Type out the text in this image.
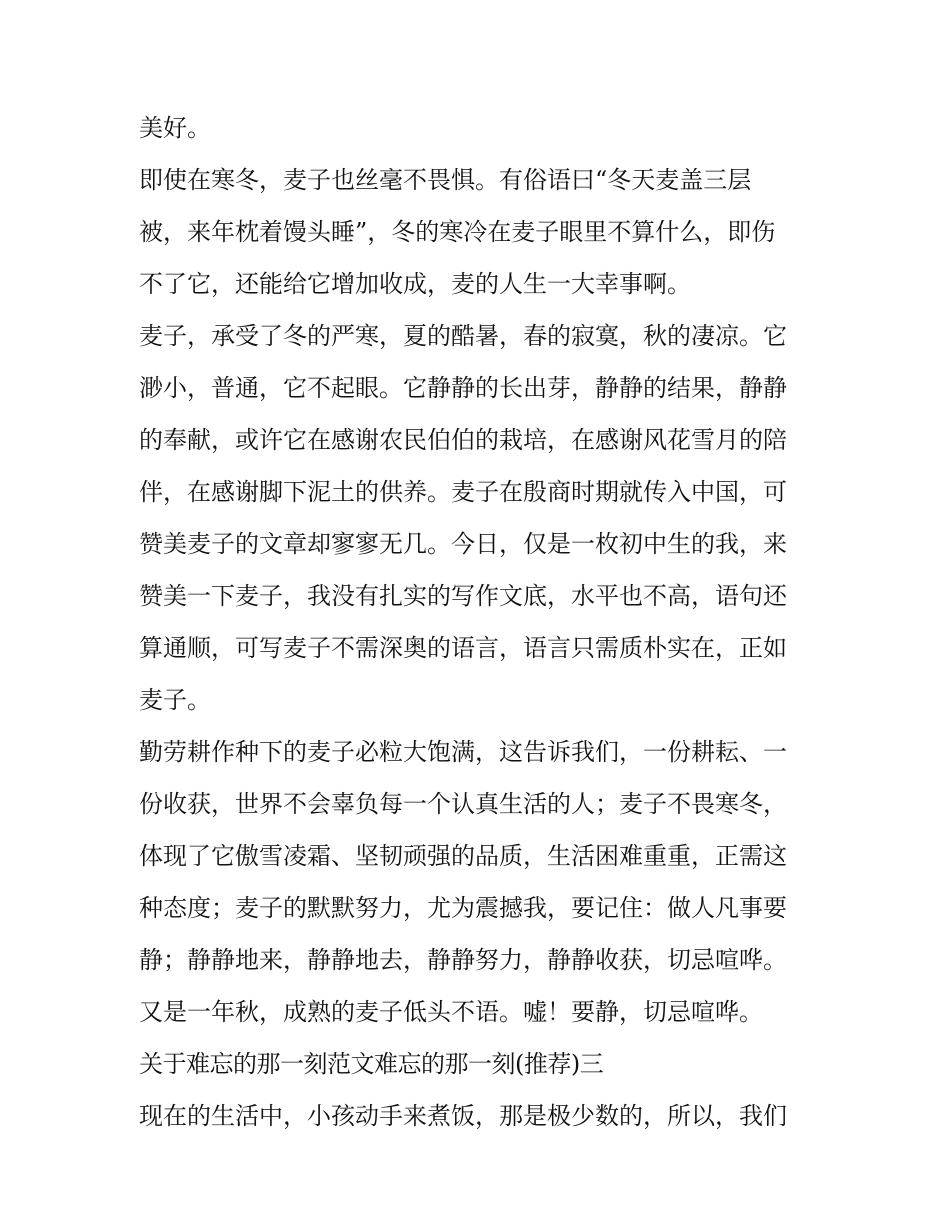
美好。
即使在寒冬，麦子也丝毫不畏惧。有俗语曰“冬天麦盖三层
被，来年枕着馒头睡”，冬的寒冷在麦子眼里不算什么，即伤
不了它，还能给它增加收成，麦的人生一大幸事啊。
麦子，承受了冬的严寒，夏的酷暑，春的寂寞，秋的凄凉。它
渺小，普通，它不起眼。它静静的长出芽，静静的结果，静静
的奉献，或许它在感谢农民伯伯的栽培，在感谢风花雪月的陪
伴，在感谢脚下泥土的供养。麦子在殷商时期就传入中国，可
赞美麦子的文章却寥寥无几。今日，仅是一枚初中生的我，来
赞美一下麦子，我没有扎实的写作文底，水平也不高，语句还
算通顺，可写麦子不需深奥的语言，语言只需质朴实在，正如
麦子。
勤劳耕作种下的麦子必粒大饱满，这告诉我们，一份耕耘、一
份收获，世界不会辜负每一个认真生活的人；麦子不畏寒冬，
体现了它傲雪凌霜、坚韧顽强的品质，生活困难重重，正需这
种态度；麦子的默默努力，尤为震撼我，要记住：做人凡事要
静；静静地来，静静地去，静静努力，静静收获，切忌喧哗。
又是一年秋，成熟的麦子低头不语。嘘！要静，切忌喧哗。
关于难忘的那一刻范文难忘的那一刻(推荐)三
现在的生活中，小孩动手来煮饭，那是极少数的，所以，我们
